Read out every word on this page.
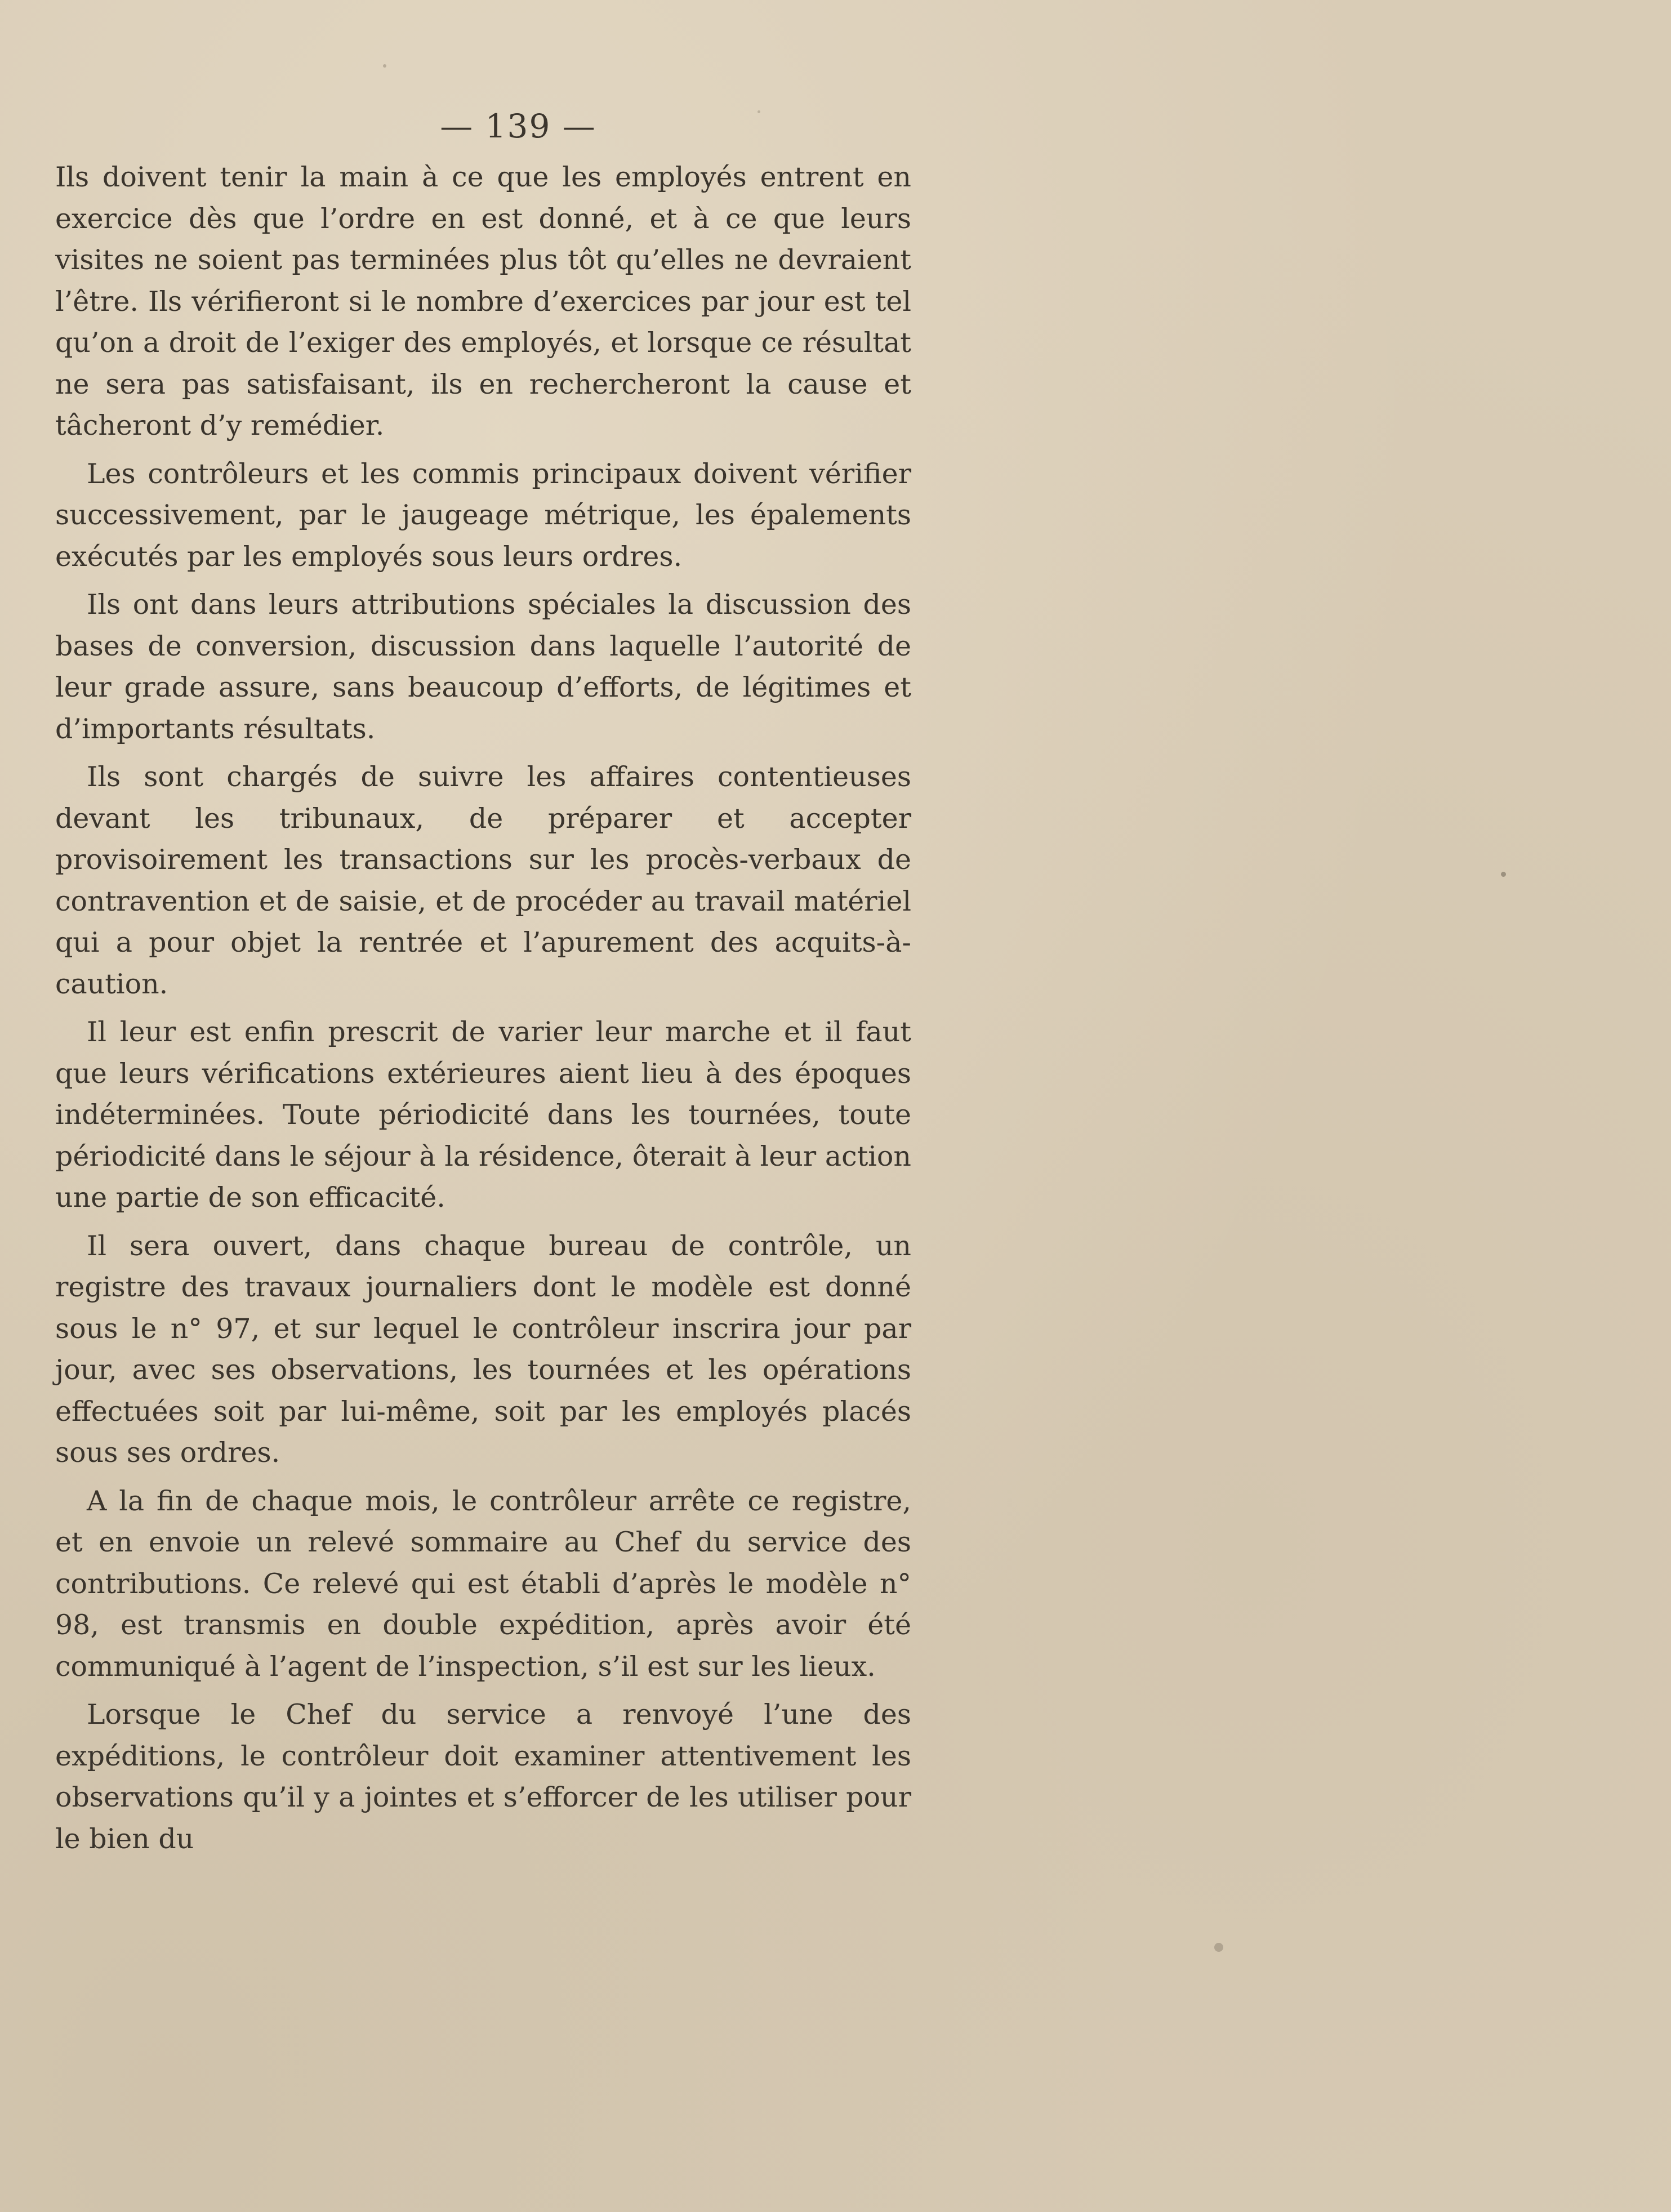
— 139 —

Ils doivent tenir la main à ce que les employés entrent en exercice dès que l’ordre en est donné, et à ce que leurs visites ne soient pas terminées plus tôt qu’elles ne devraient l’être. Ils vérifieront si le nombre d’exercices par jour est tel qu’on a droit de l’exiger des employés, et lorsque ce résultat ne sera pas satisfaisant, ils en rechercheront la cause et tâcheront d’y remédier.

Les contrôleurs et les commis principaux doivent vérifier successivement, par le jaugeage métrique, les épalements exécutés par les employés sous leurs ordres.

Ils ont dans leurs attributions spéciales la discussion des bases de conversion, discussion dans laquelle l’autorité de leur grade assure, sans beaucoup d’efforts, de légitimes et d’importants résultats.

Ils sont chargés de suivre les affaires contentieuses devant les tribunaux, de préparer et accepter provisoirement les transactions sur les procès-verbaux de contravention et de saisie, et de procéder au travail matériel qui a pour objet la rentrée et l’apurement des acquits-à-caution.

Il leur est enfin prescrit de varier leur marche et il faut que leurs vérifications extérieures aient lieu à des époques indéterminées. Toute périodicité dans les tournées, toute périodicité dans le séjour à la résidence, ôterait à leur action une partie de son efficacité.

Il sera ouvert, dans chaque bureau de contrôle, un registre des travaux journaliers dont le modèle est donné sous le n° 97, et sur lequel le contrôleur inscrira jour par jour, avec ses observations, les tournées et les opérations effectuées soit par lui-même, soit par les employés placés sous ses ordres.

A la fin de chaque mois, le contrôleur arrête ce registre, et en envoie un relevé sommaire au Chef du service des contributions. Ce relevé qui est établi d’après le modèle n° 98, est transmis en double expédition, après avoir été communiqué à l’agent de l’inspection, s’il est sur les lieux.

Lorsque le Chef du service a renvoyé l’une des expéditions, le contrôleur doit examiner attentivement les observations qu’il y a jointes et s’efforcer de les utiliser pour le bien du
